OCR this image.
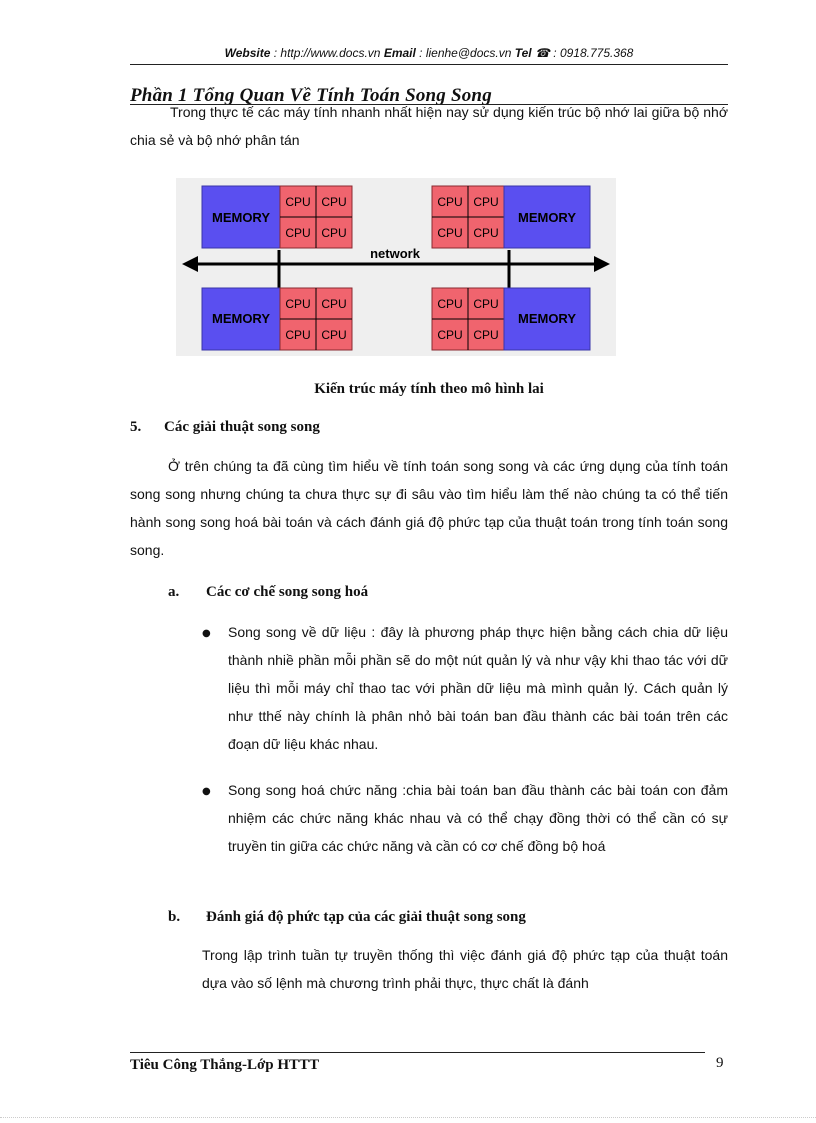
Website : http://www.docs.vn Email : lienhe@docs.vn Tel ☎ : 0918.775.368
Phần 1 Tổng Quan Về Tính Toán Song Song
Trong thực tế các máy tính nhanh nhất hiện nay sử dụng kiến trúc bộ nhớ lai giữa bộ nhớ chia sẻ và bộ nhớ phân tán
network
MEMORY
CPU CPU
CPU CPU
CPU CPU
CPU CPU
MEMORY
MEMORY
CPU CPU
CPU CPU
CPU CPU
CPU CPU
MEMORY
Kiến trúc máy tính theo mô hình lai
5. Các giải thuật song song
Ở trên chúng ta đã cùng tìm hiểu về tính toán song song và các ứng dụng của tính toán song song nhưng chúng ta chưa thực sự đi sâu vào tìm hiểu làm thế nào chúng ta có thể tiến hành song song hoá bài toán và cách đánh giá độ phức tạp của thuật toán trong tính toán song song.
a. Các cơ chế song song hoá
● Song song về dữ liệu : đây là phương pháp thực hiện bằng cách chia dữ liệu thành nhiề phần mỗi phần sẽ do một nút quản lý và như vậy khi thao tác với dữ liệu thì mỗi máy chỉ thao tac với phần dữ liệu mà mình quản lý. Cách quản lý như tthế này chính là phân nhỏ bài toán ban đầu thành các bài toán trên các đoạn dữ liệu khác nhau.
● Song song hoá chức năng :chia bài toán ban đầu thành các bài toán con đảm nhiệm các chức năng khác nhau và có thể chạy đồng thời có thể cần có sự truyền tin giữa các chức năng và cần có cơ chế đồng bộ hoá
b. Đánh giá độ phức tạp của các giải thuật song song
Trong lập trình tuần tự truyền thống thì việc đánh giá độ phức tạp của thuật toán dựa vào số lệnh mà chương trình phải thực, thực chất là đánh
Tiêu Công Thắng-Lớp HTTT	9
